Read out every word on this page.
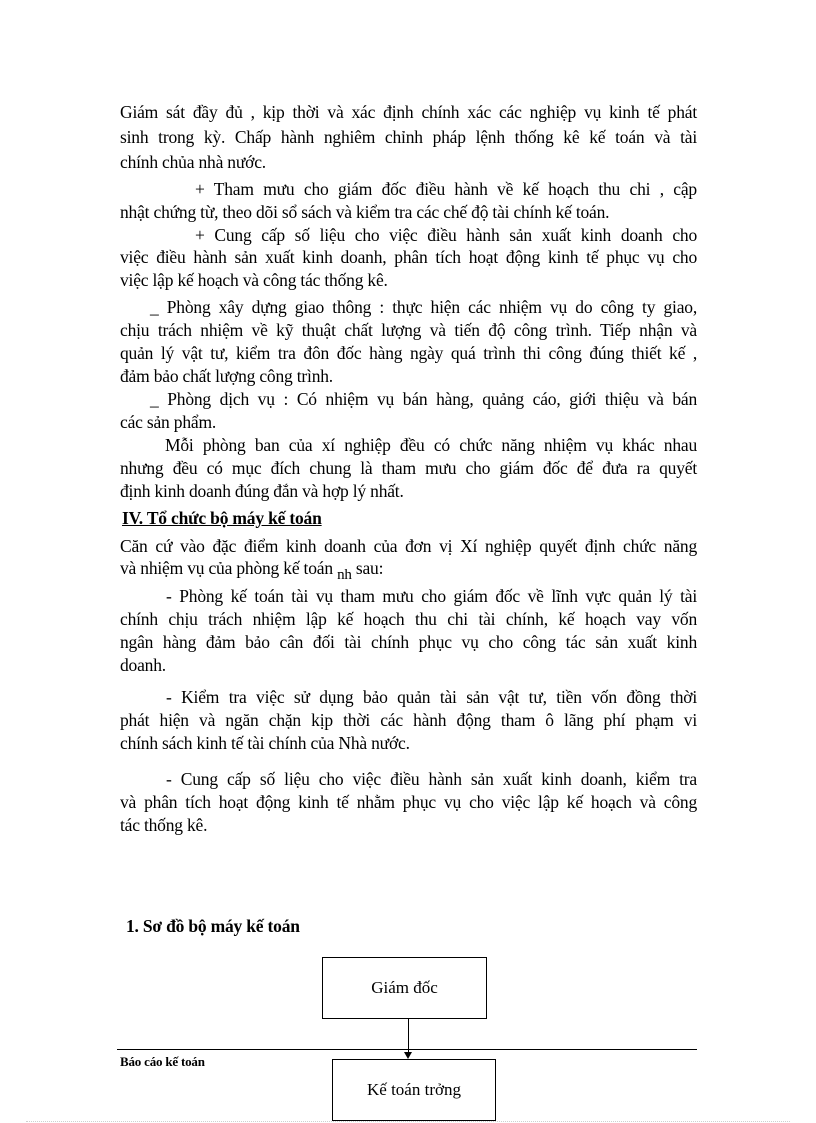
Giám sát đầy đủ , kịp thời và xác định chính xác các nghiệp vụ kinh tế phát

sinh trong kỳ. Chấp hành nghiêm chỉnh pháp lệnh thống kê kế toán và tài

chính chủa nhà nước.

+ Tham mưu cho giám đốc điều hành về kế hoạch thu chi , cập

nhật chứng từ, theo dõi sổ sách và kiểm tra các chế độ tài chính kế toán.

+ Cung cấp số liệu cho việc điều hành sản xuất kinh doanh cho

việc điều hành sản xuất kinh doanh, phân tích hoạt động kinh tế phục vụ cho

việc lập kế hoạch và công tác thống kê.

_ Phòng xây dựng giao thông : thực hiện các nhiệm vụ do công ty giao,

chịu trách nhiệm về kỹ thuật chất lượng và tiến độ công trình. Tiếp nhận và

quản lý vật tư, kiểm tra đôn đốc hàng ngày quá trình thi công đúng thiết kế ,

đảm bảo chất lượng công trình.

_ Phòng dịch vụ : Có nhiệm vụ bán hàng, quảng cáo, giới thiệu và bán

các sản phẩm.

Mỗi phòng ban của xí nghiệp đều có chức năng nhiệm vụ khác nhau

nhưng đều có mục đích chung là tham mưu cho giám đốc để đưa ra quyết

định kinh doanh đúng đắn và hợp lý nhất.

IV. Tổ chức bộ máy kế toán

Căn cứ vào đặc điểm kinh doanh của đơn vị Xí nghiệp quyết định chức năng

và nhiệm vụ của phòng kế toán nh sau:

- Phòng kế toán tài vụ tham mưu cho giám đốc về lĩnh vực quản lý tài

chính chịu trách nhiệm lập kế hoạch thu chi tài chính, kế hoạch vay vốn

ngân hàng đảm bảo cân đối tài chính phục vụ cho công tác sản xuất kinh

doanh.

- Kiểm tra việc sử dụng bảo quản tài sản vật tư, tiền vốn đồng thời

phát hiện và ngăn chặn kịp thời các hành động tham ô lãng phí phạm vi

chính sách kinh tế tài chính của Nhà nước.

- Cung cấp số liệu cho việc điều hành sản xuất kinh doanh, kiểm tra

và phân tích hoạt động kinh tế nhằm phục vụ cho việc lập kế hoạch và công

tác thống kê.

1. Sơ đồ bộ máy kế toán

Giám đốc

Báo cáo kế toán

Kế toán trởng
